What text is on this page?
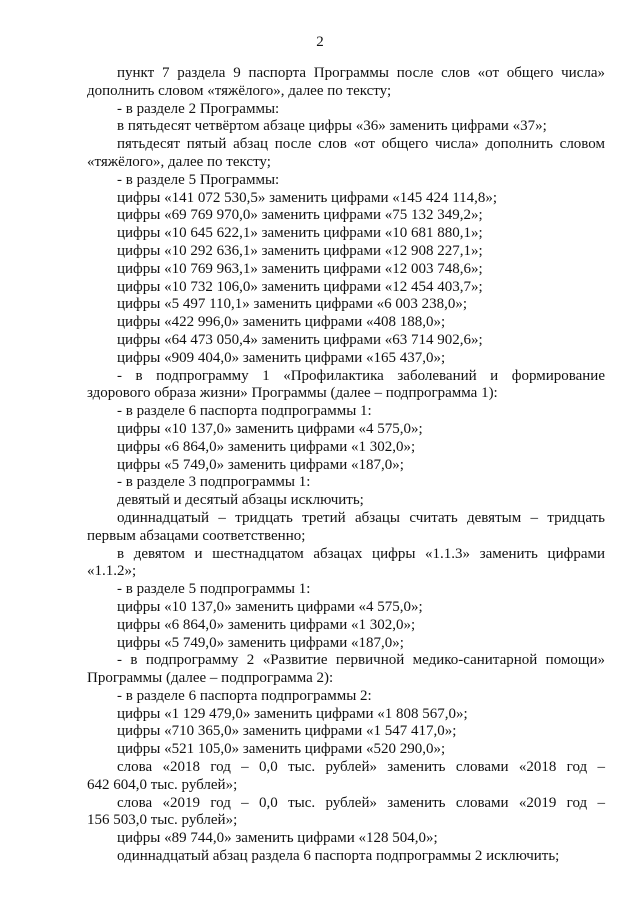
2

пункт 7 раздела 9 паспорта Программы после слов «от общего числа»

дополнить словом «тяжёлого», далее по тексту;

- в разделе 2 Программы:

в пятьдесят четвёртом абзаце цифры «36» заменить цифрами «37»;

пятьдесят пятый абзац после слов «от общего числа» дополнить словом

«тяжёлого», далее по тексту;

- в разделе 5 Программы:

цифры «141 072 530,5» заменить цифрами «145 424 114,8»;

цифры «69 769 970,0» заменить цифрами «75 132 349,2»;

цифры «10 645 622,1» заменить цифрами «10 681 880,1»;

цифры «10 292 636,1» заменить цифрами «12 908 227,1»;

цифры «10 769 963,1» заменить цифрами «12 003 748,6»;

цифры «10 732 106,0» заменить цифрами «12 454 403,7»;

цифры «5 497 110,1» заменить цифрами «6 003 238,0»;

цифры «422 996,0» заменить цифрами «408 188,0»;

цифры «64 473 050,4» заменить цифрами «63 714 902,6»;

цифры «909 404,0» заменить цифрами «165 437,0»;

- в подпрограмму 1 «Профилактика заболеваний и формирование

здорового образа жизни» Программы (далее – подпрограмма 1):

- в разделе 6 паспорта подпрограммы 1:

цифры «10 137,0» заменить цифрами «4 575,0»;

цифры «6 864,0» заменить цифрами «1 302,0»;

цифры «5 749,0» заменить цифрами «187,0»;

- в разделе 3 подпрограммы 1:

девятый и десятый абзацы исключить;

одиннадцатый – тридцать третий абзацы считать девятым – тридцать

первым абзацами соответственно;

в девятом и шестнадцатом абзацах цифры «1.1.3» заменить цифрами

«1.1.2»;

- в разделе 5 подпрограммы 1:

цифры «10 137,0» заменить цифрами «4 575,0»;

цифры «6 864,0» заменить цифрами «1 302,0»;

цифры «5 749,0» заменить цифрами «187,0»;

- в подпрограмму 2 «Развитие первичной медико-санитарной помощи»

Программы (далее – подпрограмма 2):

- в разделе 6 паспорта подпрограммы 2:

цифры «1 129 479,0» заменить цифрами «1 808 567,0»;

цифры «710 365,0» заменить цифрами «1 547 417,0»;

цифры «521 105,0» заменить цифрами «520 290,0»;

слова «2018 год – 0,0 тыс. рублей» заменить словами «2018 год –

642 604,0 тыс. рублей»;

слова «2019 год – 0,0 тыс. рублей» заменить словами «2019 год –

156 503,0 тыс. рублей»;

цифры «89 744,0» заменить цифрами «128 504,0»;

одиннадцатый абзац раздела 6 паспорта подпрограммы 2 исключить;
